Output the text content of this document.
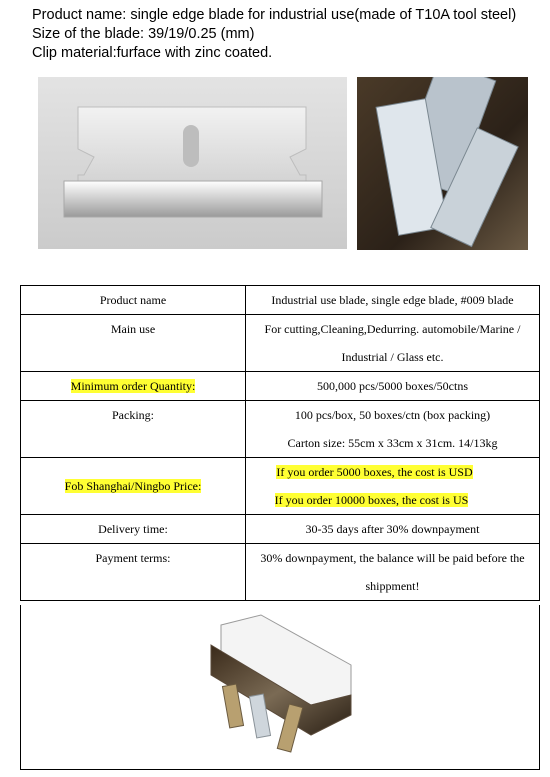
Product name: single edge blade for industrial use(made of T10A tool steel)
Size of the blade: 39/19/0.25 (mm)
Clip material:furface with zinc coated.
Product name	Industrial use blade, single edge blade, #009 blade
Main use	For cutting,Cleaning,Dedurring. automobile/Marine /
Industrial / Glass etc.

Minimum order Quantity:	500,000 pcs/5000 boxes/50ctns
Packing:	100 pcs/box, 50 boxes/ctn (box packing)
Carton size: 55cm x 33cm x 31cm. 14/13kg

Fob Shanghai/Ningbo Price:	If you order 5000 boxes, the cost is USD
If you order 10000 boxes, the cost is US

Delivery time:	30-35 days after 30% downpayment
Payment terms:	30% downpayment, the balance will be paid before the
shippment!
